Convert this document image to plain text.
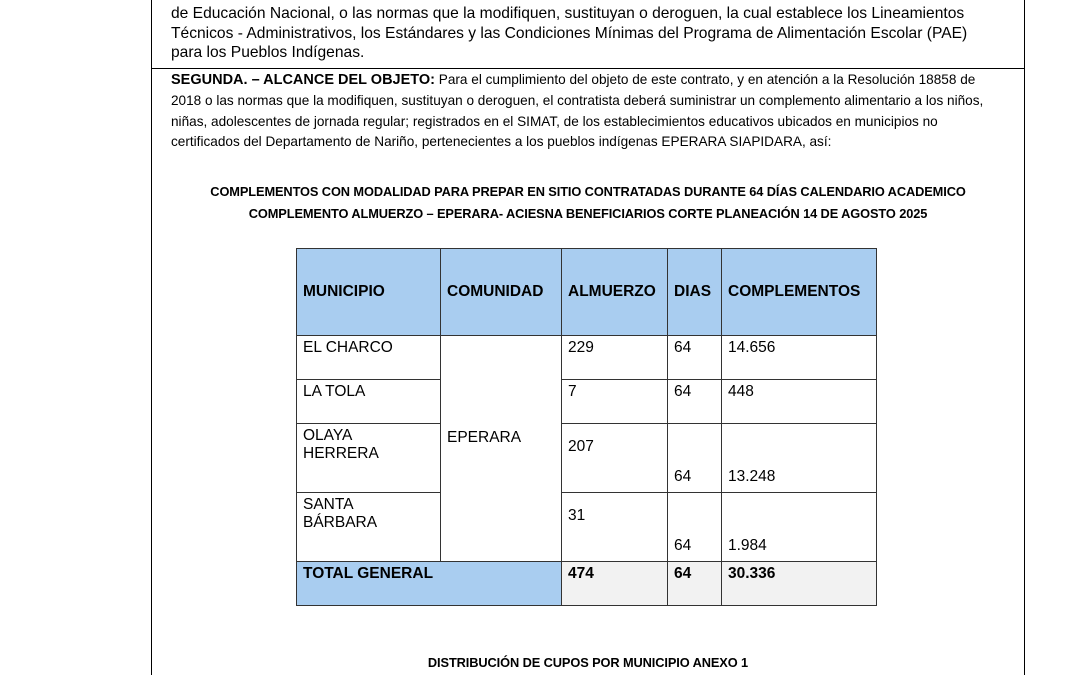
de Educación Nacional, o las normas que la modifiquen, sustituyan o deroguen, la cual establece los Lineamientos
Técnicos - Administrativos, los Estándares y las Condiciones Mínimas del Programa de Alimentación Escolar (PAE)
para los Pueblos Indígenas.
SEGUNDA. – ALCANCE DEL OBJETO: Para el cumplimiento del objeto de este contrato, y en atención a la Resolución 18858 de
2018 o las normas que la modifiquen, sustituyan o deroguen, el contratista deberá suministrar un complemento alimentario a los niños,
niñas, adolescentes de jornada regular; registrados en el SIMAT, de los establecimientos educativos ubicados en municipios no
certificados del Departamento de Nariño, pertenecientes a los pueblos indígenas EPERARA SIAPIDARA, así:
COMPLEMENTOS CON MODALIDAD PARA PREPAR EN SITIO CONTRATADAS DURANTE 64 DÍAS CALENDARIO ACADEMICO
COMPLEMENTO ALMUERZO – EPERARA- ACIESNA BENEFICIARIOS CORTE PLANEACIÓN 14 DE AGOSTO 2025
MUNICIPIO	COMUNIDAD	ALMUERZO	DIAS	COMPLEMENTOS
EL CHARCO	EPERARA	229	64	14.656
LA TOLA		7	64	448
OLAYA
HERRERA		207	64	13.248
SANTA
BÁRBARA		31	64	1.984
TOTAL GENERAL		474	64	30.336
DISTRIBUCIÓN DE CUPOS POR MUNICIPIO ANEXO 1
